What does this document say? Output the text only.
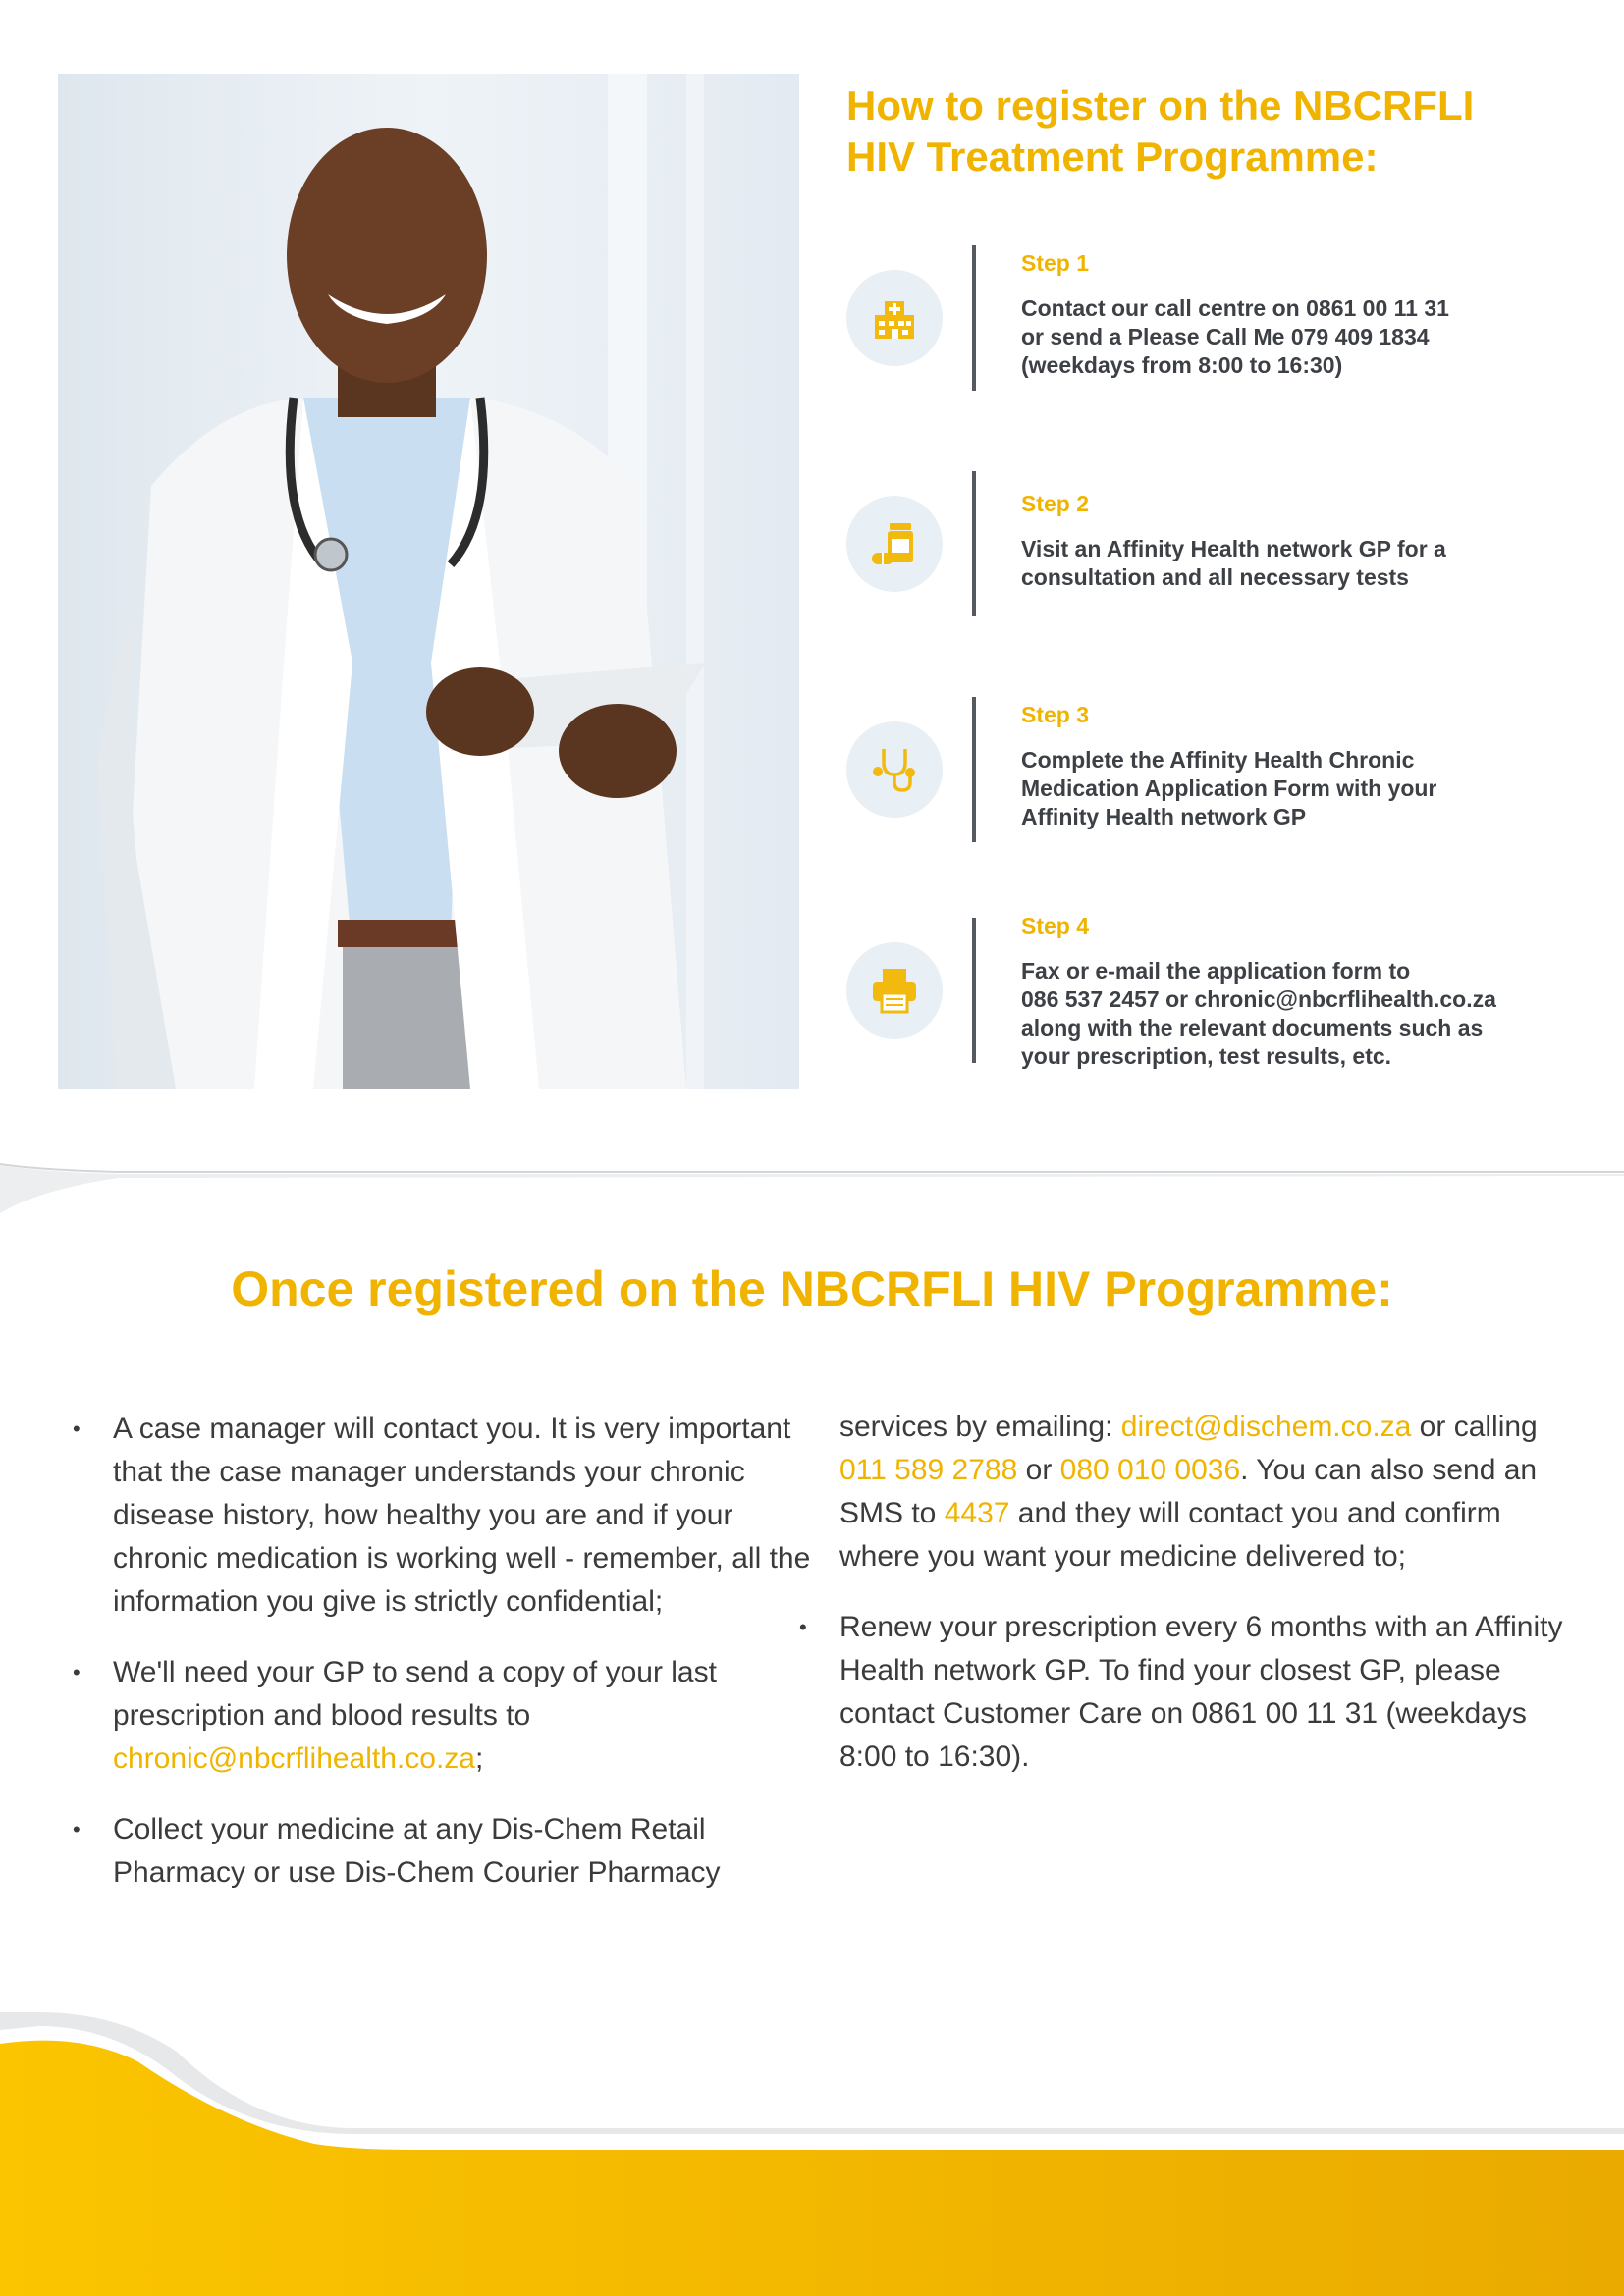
How to register on the NBCRFLI
HIV Treatment Programme:
Step 1
Contact our call centre on 0861 00 11 31
or send a Please Call Me 079 409 1834
(weekdays from 8:00 to 16:30)
Step 2
Visit an Affinity Health network GP for a
consultation and all necessary tests
Step 3
Complete the Affinity Health Chronic
Medication Application Form with your
Affinity Health network GP
Step 4
Fax or e-mail the application form to
086 537 2457 or chronic@nbcrflihealth.co.za
along with the relevant documents such as
your prescription, test results, etc.
Once registered on the NBCRFLI HIV Programme:
• A case manager will contact you. It is very important that the case manager understands your chronic disease history, how healthy you are and if your chronic medication is working well - remember, all the information you give is strictly confidential;
• We'll need your GP to send a copy of your last prescription and blood results to chronic@nbcrflihealth.co.za;
• Collect your medicine at any Dis-Chem Retail Pharmacy or use Dis-Chem Courier Pharmacy
services by emailing: direct@dischem.co.za or calling 011 589 2788 or 080 010 0036. You can also send an SMS to 4437 and they will contact you and confirm where you want your medicine delivered to;
• Renew your prescription every 6 months with an Affinity Health network GP. To find your closest GP, please contact Customer Care on 0861 00 11 31 (weekdays 8:00 to 16:30).
